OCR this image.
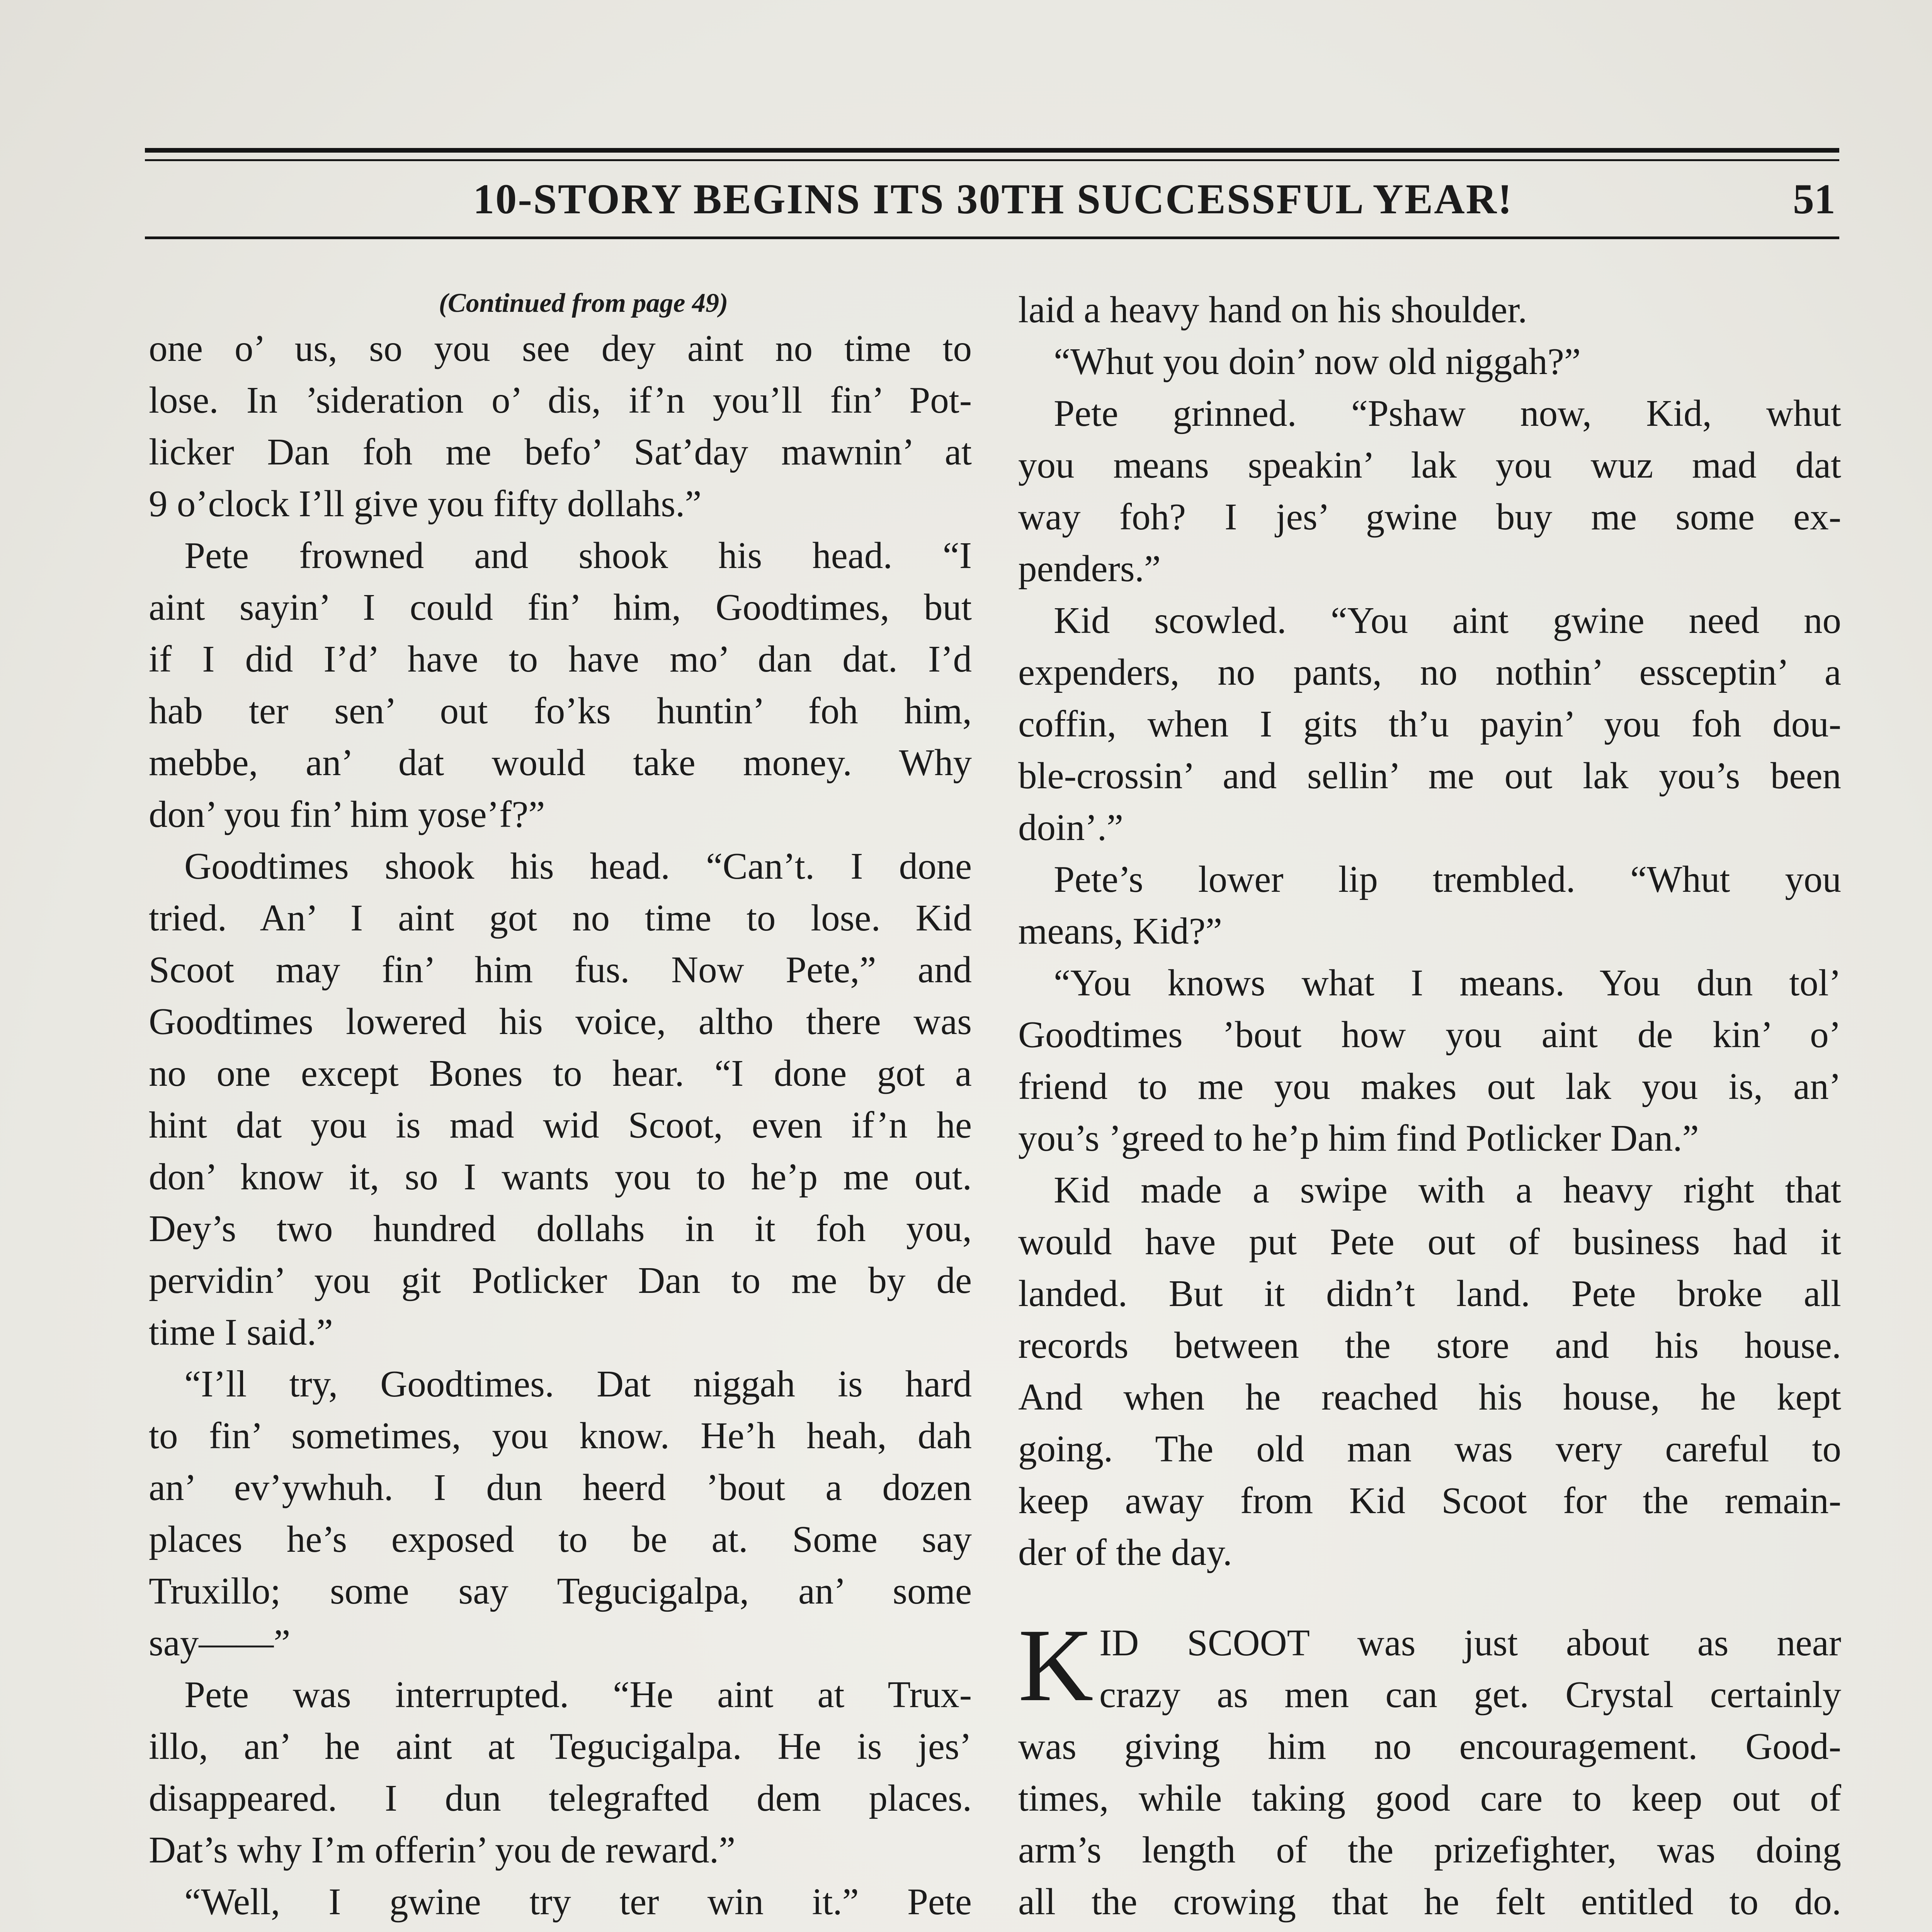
10-STORY BEGINS ITS 30TH SUCCESSFUL YEAR!	51
(Continued from page 49)
one o’ us, so you see dey aint no time to
lose. In ’sideration o’ dis, if’n you’ll fin’ Pot-
licker Dan foh me befo’ Sat’day mawnin’ at
9 o’clock I’ll give you fifty dollahs.”
Pete frowned and shook his head. “I
aint sayin’ I could fin’ him, Goodtimes, but
if I did I’d’ have to have mo’ dan dat. I’d
hab ter sen’ out fo’ks huntin’ foh him,
mebbe, an’ dat would take money. Why
don’ you fin’ him yose’f?”
Goodtimes shook his head. “Can’t. I done
tried. An’ I aint got no time to lose. Kid
Scoot may fin’ him fus. Now Pete,” and
Goodtimes lowered his voice, altho there was
no one except Bones to hear. “I done got a
hint dat you is mad wid Scoot, even if’n he
don’ know it, so I wants you to he’p me out.
Dey’s two hundred dollahs in it foh you,
pervidin’ you git Potlicker Dan to me by de
time I said.”
“I’ll try, Goodtimes. Dat niggah is hard
to fin’ sometimes, you know. He’h heah, dah
an’ ev’ywhuh. I dun heerd ’bout a dozen
places he’s exposed to be at. Some say
Truxillo; some say Tegucigalpa, an’ some
say——”
Pete was interrupted. “He aint at Trux-
illo, an’ he aint at Tegucigalpa. He is jes’
disappeared. I dun telegrafted dem places.
Dat’s why I’m offerin’ you de reward.”
“Well, I gwine try ter win it.” Pete
laid a heavy hand on his shoulder.
“Whut you doin’ now old niggah?”
Pete grinned. “Pshaw now, Kid, whut
you means speakin’ lak you wuz mad dat
way foh? I jes’ gwine buy me some ex-
penders.”
Kid scowled. “You aint gwine need no
expenders, no pants, no nothin’ essceptin’ a
coffin, when I gits th’u payin’ you foh dou-
ble-crossin’ and sellin’ me out lak you’s been
doin’.”
Pete’s lower lip trembled. “Whut you
means, Kid?”
“You knows what I means. You dun tol’
Goodtimes ’bout how you aint de kin’ o’
friend to me you makes out lak you is, an’
you’s ’greed to he’p him find Potlicker Dan.”
Kid made a swipe with a heavy right that
would have put Pete out of business had it
landed. But it didn’t land. Pete broke all
records between the store and his house.
And when he reached his house, he kept
going. The old man was very careful to
keep away from Kid Scoot for the remain-
der of the day.
K ID SCOOT was just about as near
crazy as men can get. Crystal certainly
was giving him no encouragement. Good-
times, while taking good care to keep out of
arm’s length of the prizefighter, was doing
all the crowing that he felt entitled to do.
